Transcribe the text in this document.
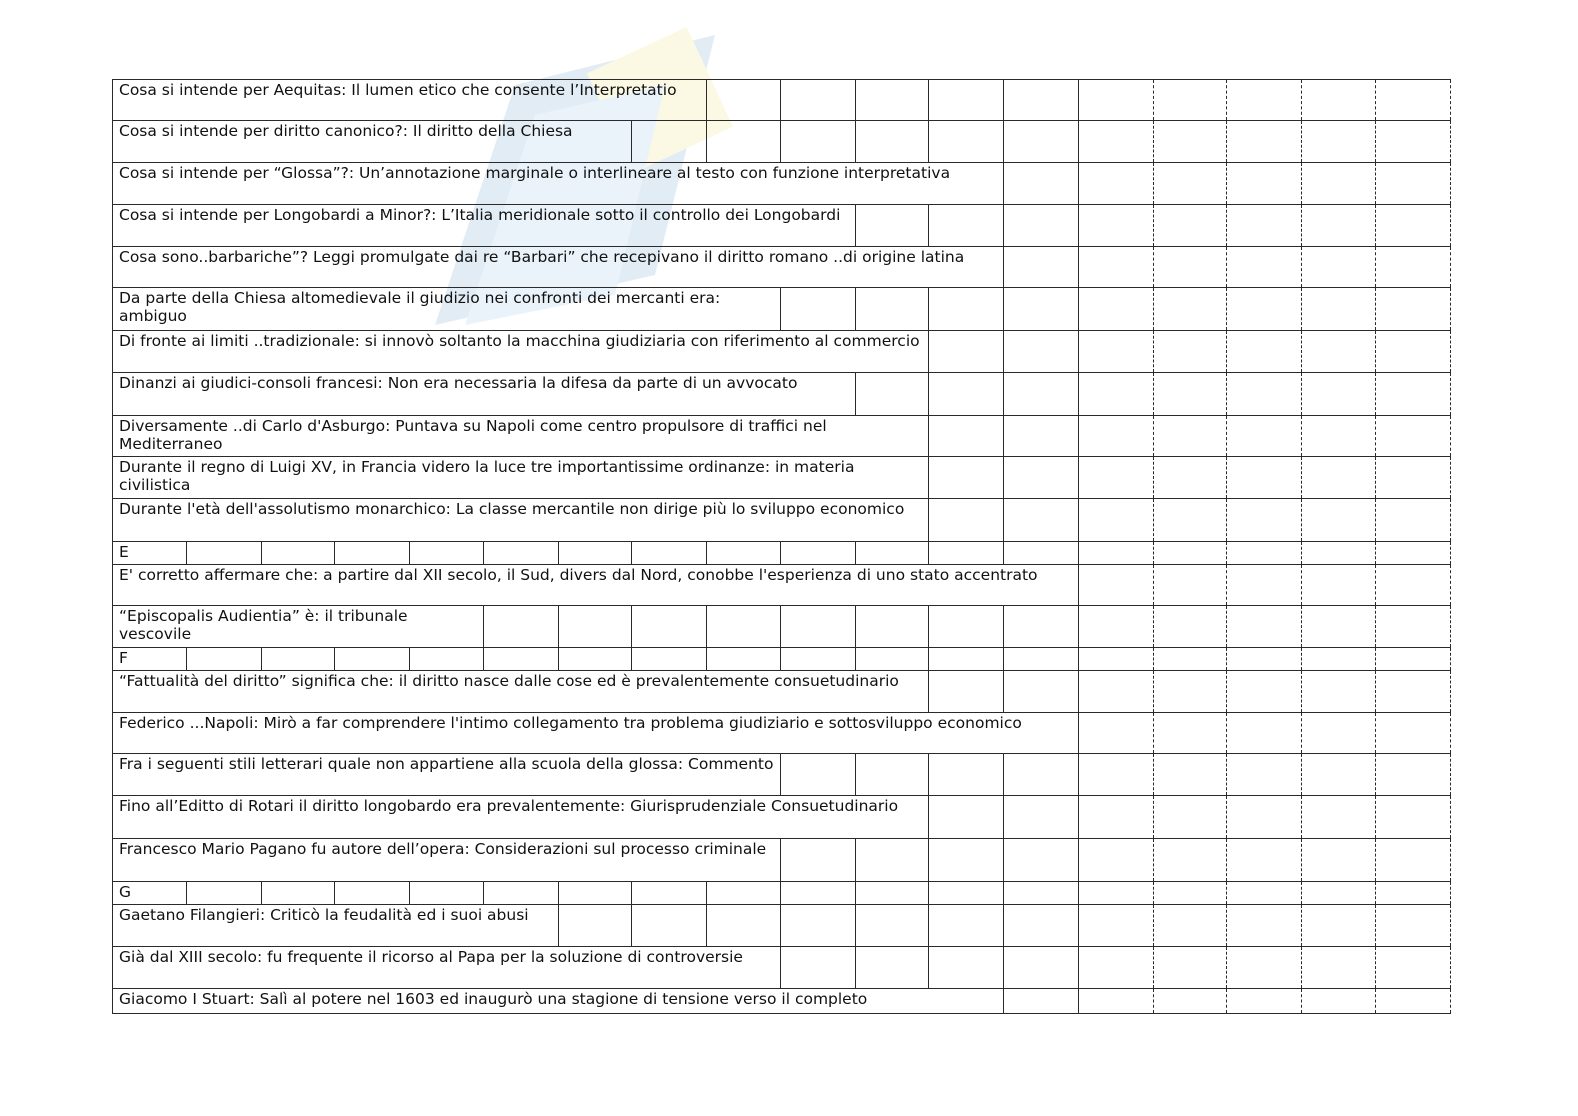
Cosa si intende per Aequitas: Il lumen etico che consente l’Interpretatio																	
Cosa si intende per diritto canonico?: Il diritto della Chiesa																	
Cosa si intende per “Glossa”?: Un’annotazione marginale o interlineare al testo con funzione interpretativa																	
Cosa si intende per Longobardi a Minor?: L’Italia meridionale sotto il controllo dei Longobardi																	
Cosa sono..barbariche”? Leggi promulgate dai re “Barbari” che recepivano il diritto romano ..di origine latina																	
Da parte della Chiesa altomedievale il giudizio nei confronti dei mercanti era: ambiguo																	
Di fronte ai limiti ..tradizionale: si innovò soltanto la macchina giudiziaria con riferimento al commercio																	
Dinanzi ai giudici-consoli francesi: Non era necessaria la difesa da parte di un avvocato																	
Diversamente ..di Carlo d'Asburgo: Puntava su Napoli come centro propulsore di traffici nel Mediterraneo																	
Durante il regno di Luigi XV, in Francia videro la luce tre importantissime ordinanze: in materia civilistica																	
Durante l'età dell'assolutismo monarchico: La classe mercantile non dirige più lo sviluppo economico																	
E																	
E' corretto affermare che: a partire dal XII secolo, il Sud, divers dal Nord, conobbe l'esperienza di uno stato accentrato																	
“Episcopalis Audientia” è: il tribunale vescovile																	
F																	
“Fattualità del diritto” significa che: il diritto nasce dalle cose ed è prevalentemente consuetudinario																	
Federico ...Napoli: Mirò a far comprendere l'intimo collegamento tra problema giudiziario e sottosviluppo economico																	
Fra i seguenti stili letterari quale non appartiene alla scuola della glossa: Commento																	
Fino all’Editto di Rotari il diritto longobardo era prevalentemente: Giurisprudenziale Consuetudinario																	
Francesco Mario Pagano fu autore dell’opera: Considerazioni sul processo criminale																	
G																	
Gaetano Filangieri: Criticò la feudalità ed i suoi abusi																	
Già dal XIII secolo: fu frequente il ricorso al Papa per la soluzione di controversie																	
Giacomo I Stuart: Salì al potere nel 1603 ed inaugurò una stagione di tensione verso il completo																	
